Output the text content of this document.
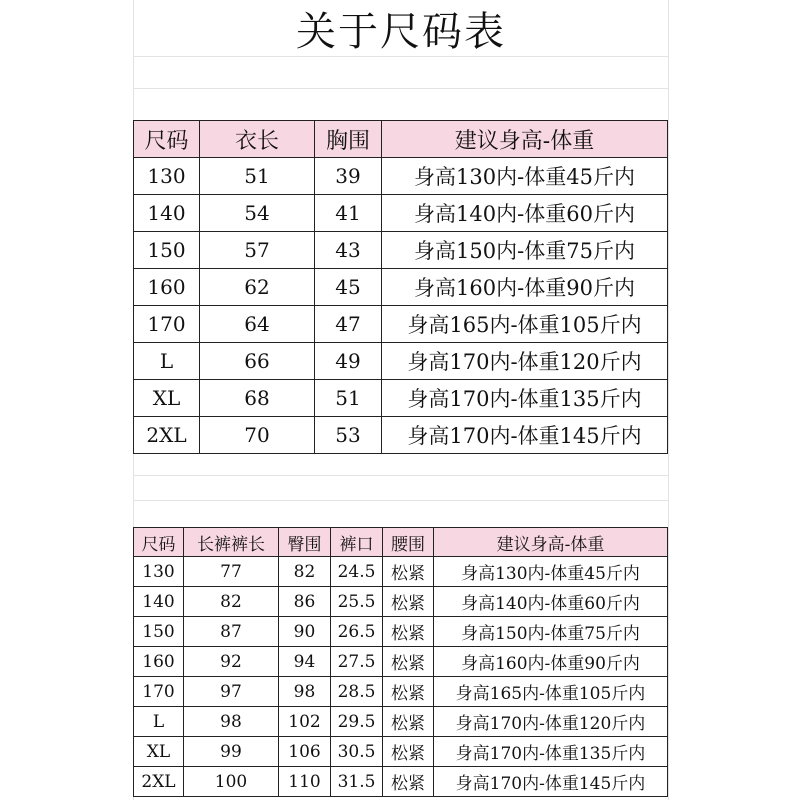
关于尺码表
尺码	衣长	胸围	建议身高-体重
130	51	39	身高130内-体重45斤内
140	54	41	身高140内-体重60斤内
150	57	43	身高150内-体重75斤内
160	62	45	身高160内-体重90斤内
170	64	47	身高165内-体重105斤内
L	66	49	身高170内-体重120斤内
XL	68	51	身高170内-体重135斤内
2XL	70	53	身高170内-体重145斤内
尺码	长裤裤长	臀围	裤口	腰围	建议身高-体重
130	77	82	24.5	松紧	身高130内-体重45斤内
140	82	86	25.5	松紧	身高140内-体重60斤内
150	87	90	26.5	松紧	身高150内-体重75斤内
160	92	94	27.5	松紧	身高160内-体重90斤内
170	97	98	28.5	松紧	身高165内-体重105斤内
L	98	102	29.5	松紧	身高170内-体重120斤内
XL	99	106	30.5	松紧	身高170内-体重135斤内
2XL	100	110	31.5	松紧	身高170内-体重145斤内
